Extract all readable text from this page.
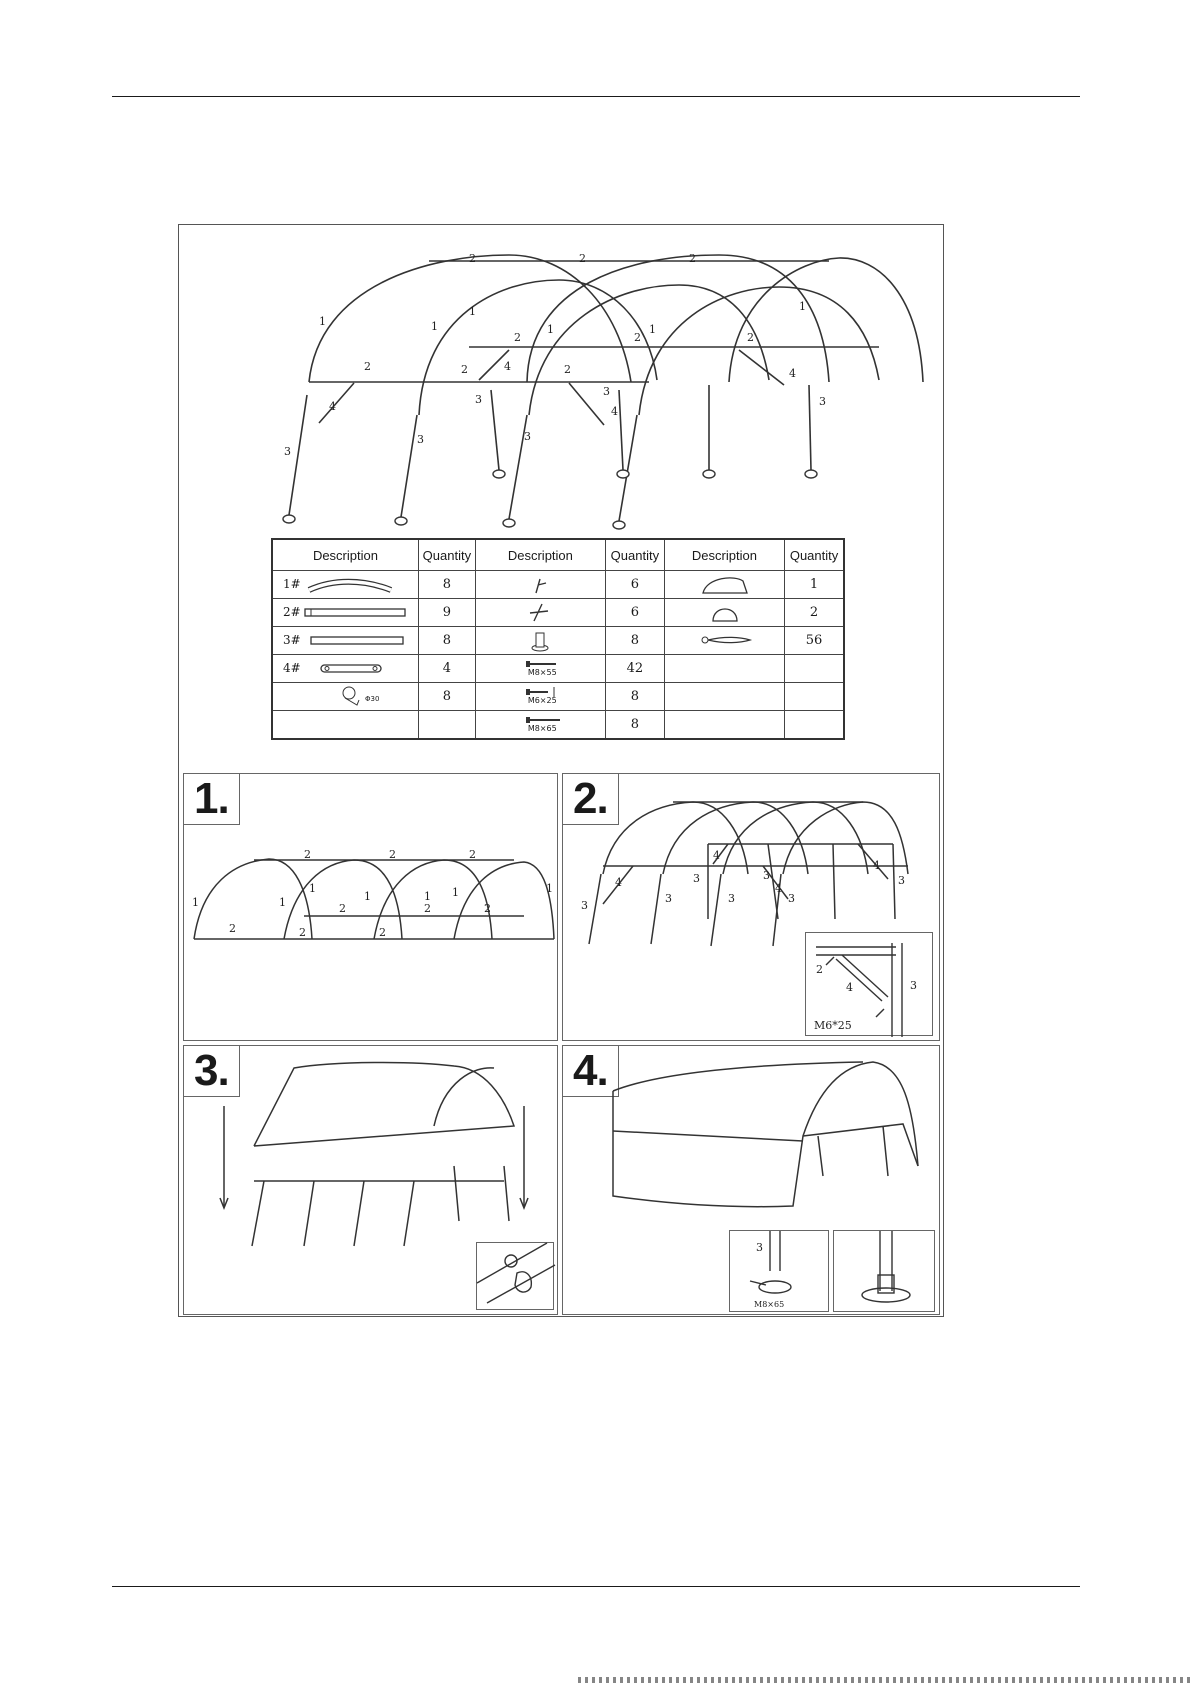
2	2	2
1	1
1
1	1
1
2	2	2
2	2	2
3
3
3
3
3
3
4
4
4
4
Description	Quantity	Description	Quantity	Description	Quantity

1#	8		6		1

2#	9		6		2

3#	8		8		56

4#	4	M8×55	42		

Φ30	8	M6×25	8		

		M8×65	8		
1.
2	2	2
1	1
1
1	1 1	1
2	2
2
2
2	2
2.
3
4
3
3
4
3
3
4
3
4
3
2
4	3
M6*25
3.	4.
3
M8×65
